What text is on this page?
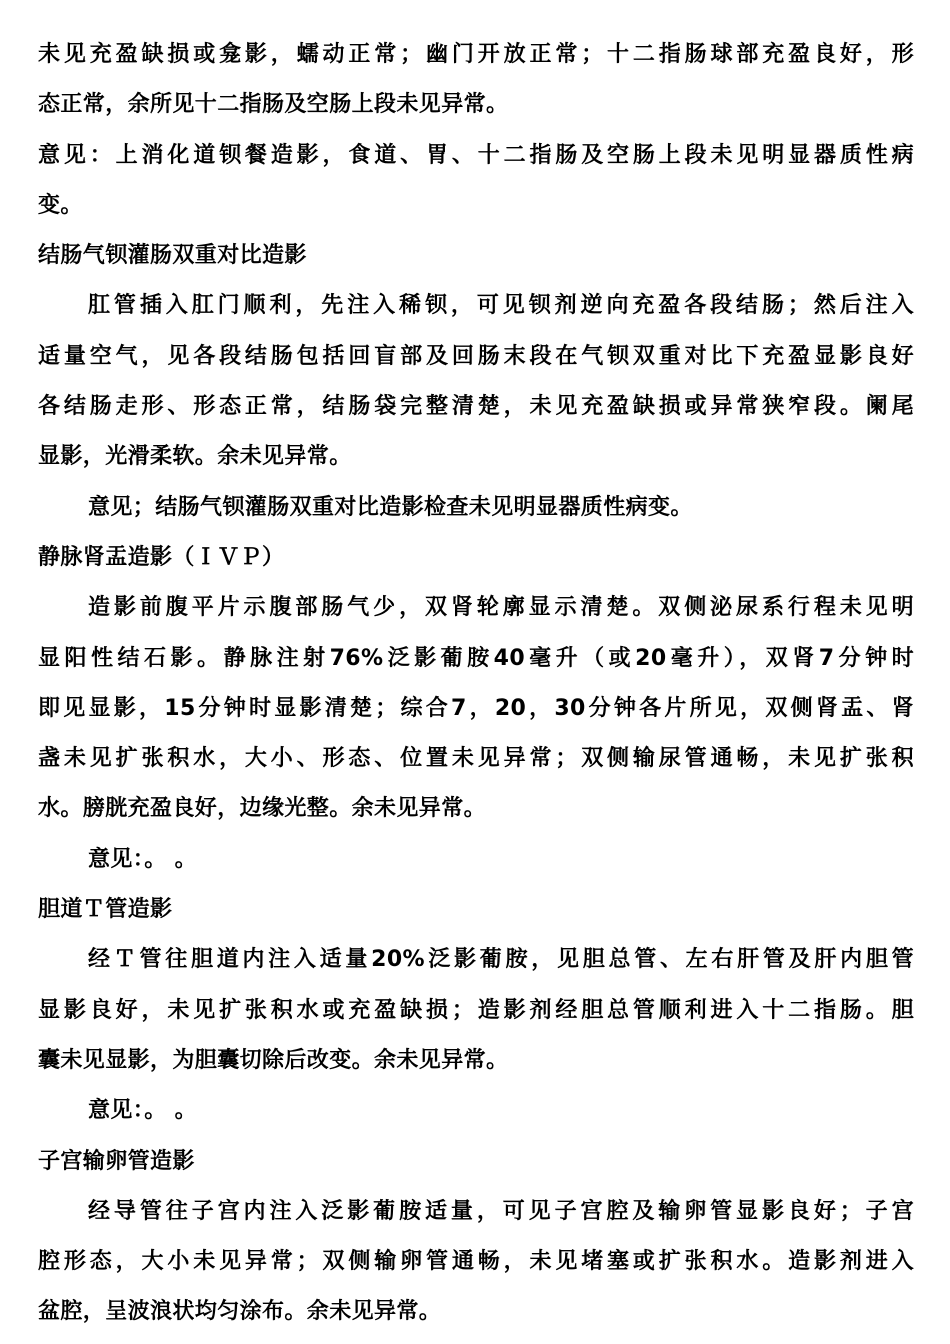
未见充盈缺损或龛影，蠕动正常；幽门开放正常；十二指肠球部充盈良好，形
态正常，余所见十二指肠及空肠上段未见异常。
意见：上消化道钡餐造影，食道、胃、十二指肠及空肠上段未见明显器质性病
变。
结肠气钡灌肠双重对比造影
肛管插入肛门顺利，先注入稀钡，可见钡剂逆向充盈各段结肠；然后注入
适量空气，见各段结肠包括回盲部及回肠末段在气钡双重对比下充盈显影良好
各结肠走形、形态正常，结肠袋完整清楚，未见充盈缺损或异常狭窄段。阑尾
显影，光滑柔软。余未见异常。
意见；结肠气钡灌肠双重对比造影检查未见明显器质性病变。
静脉肾盂造影（ＩＶＰ）
造影前腹平片示腹部肠气少，双肾轮廓显示清楚。双侧泌尿系行程未见明
显阳性结石影。静脉注射76%泛影葡胺40毫升（或20毫升），双肾7分钟时
即见显影，15分钟时显影清楚；综合7，20，30分钟各片所见，双侧肾盂、肾
盏未见扩张积水，大小、形态、位置未见异常；双侧输尿管通畅，未见扩张积
水。膀胱充盈良好，边缘光整。余未见异常。
意见：。 。
胆道Ｔ管造影
经Ｔ管往胆道内注入适量20%泛影葡胺，见胆总管、左右肝管及肝内胆管
显影良好，未见扩张积水或充盈缺损；造影剂经胆总管顺利进入十二指肠。胆
囊未见显影，为胆囊切除后改变。余未见异常。
意见：。 。
子宫输卵管造影
经导管往子宫内注入泛影葡胺适量，可见子宫腔及输卵管显影良好；子宫
腔形态，大小未见异常；双侧输卵管通畅，未见堵塞或扩张积水。造影剂进入
盆腔，呈波浪状均匀涂布。余未见异常。
